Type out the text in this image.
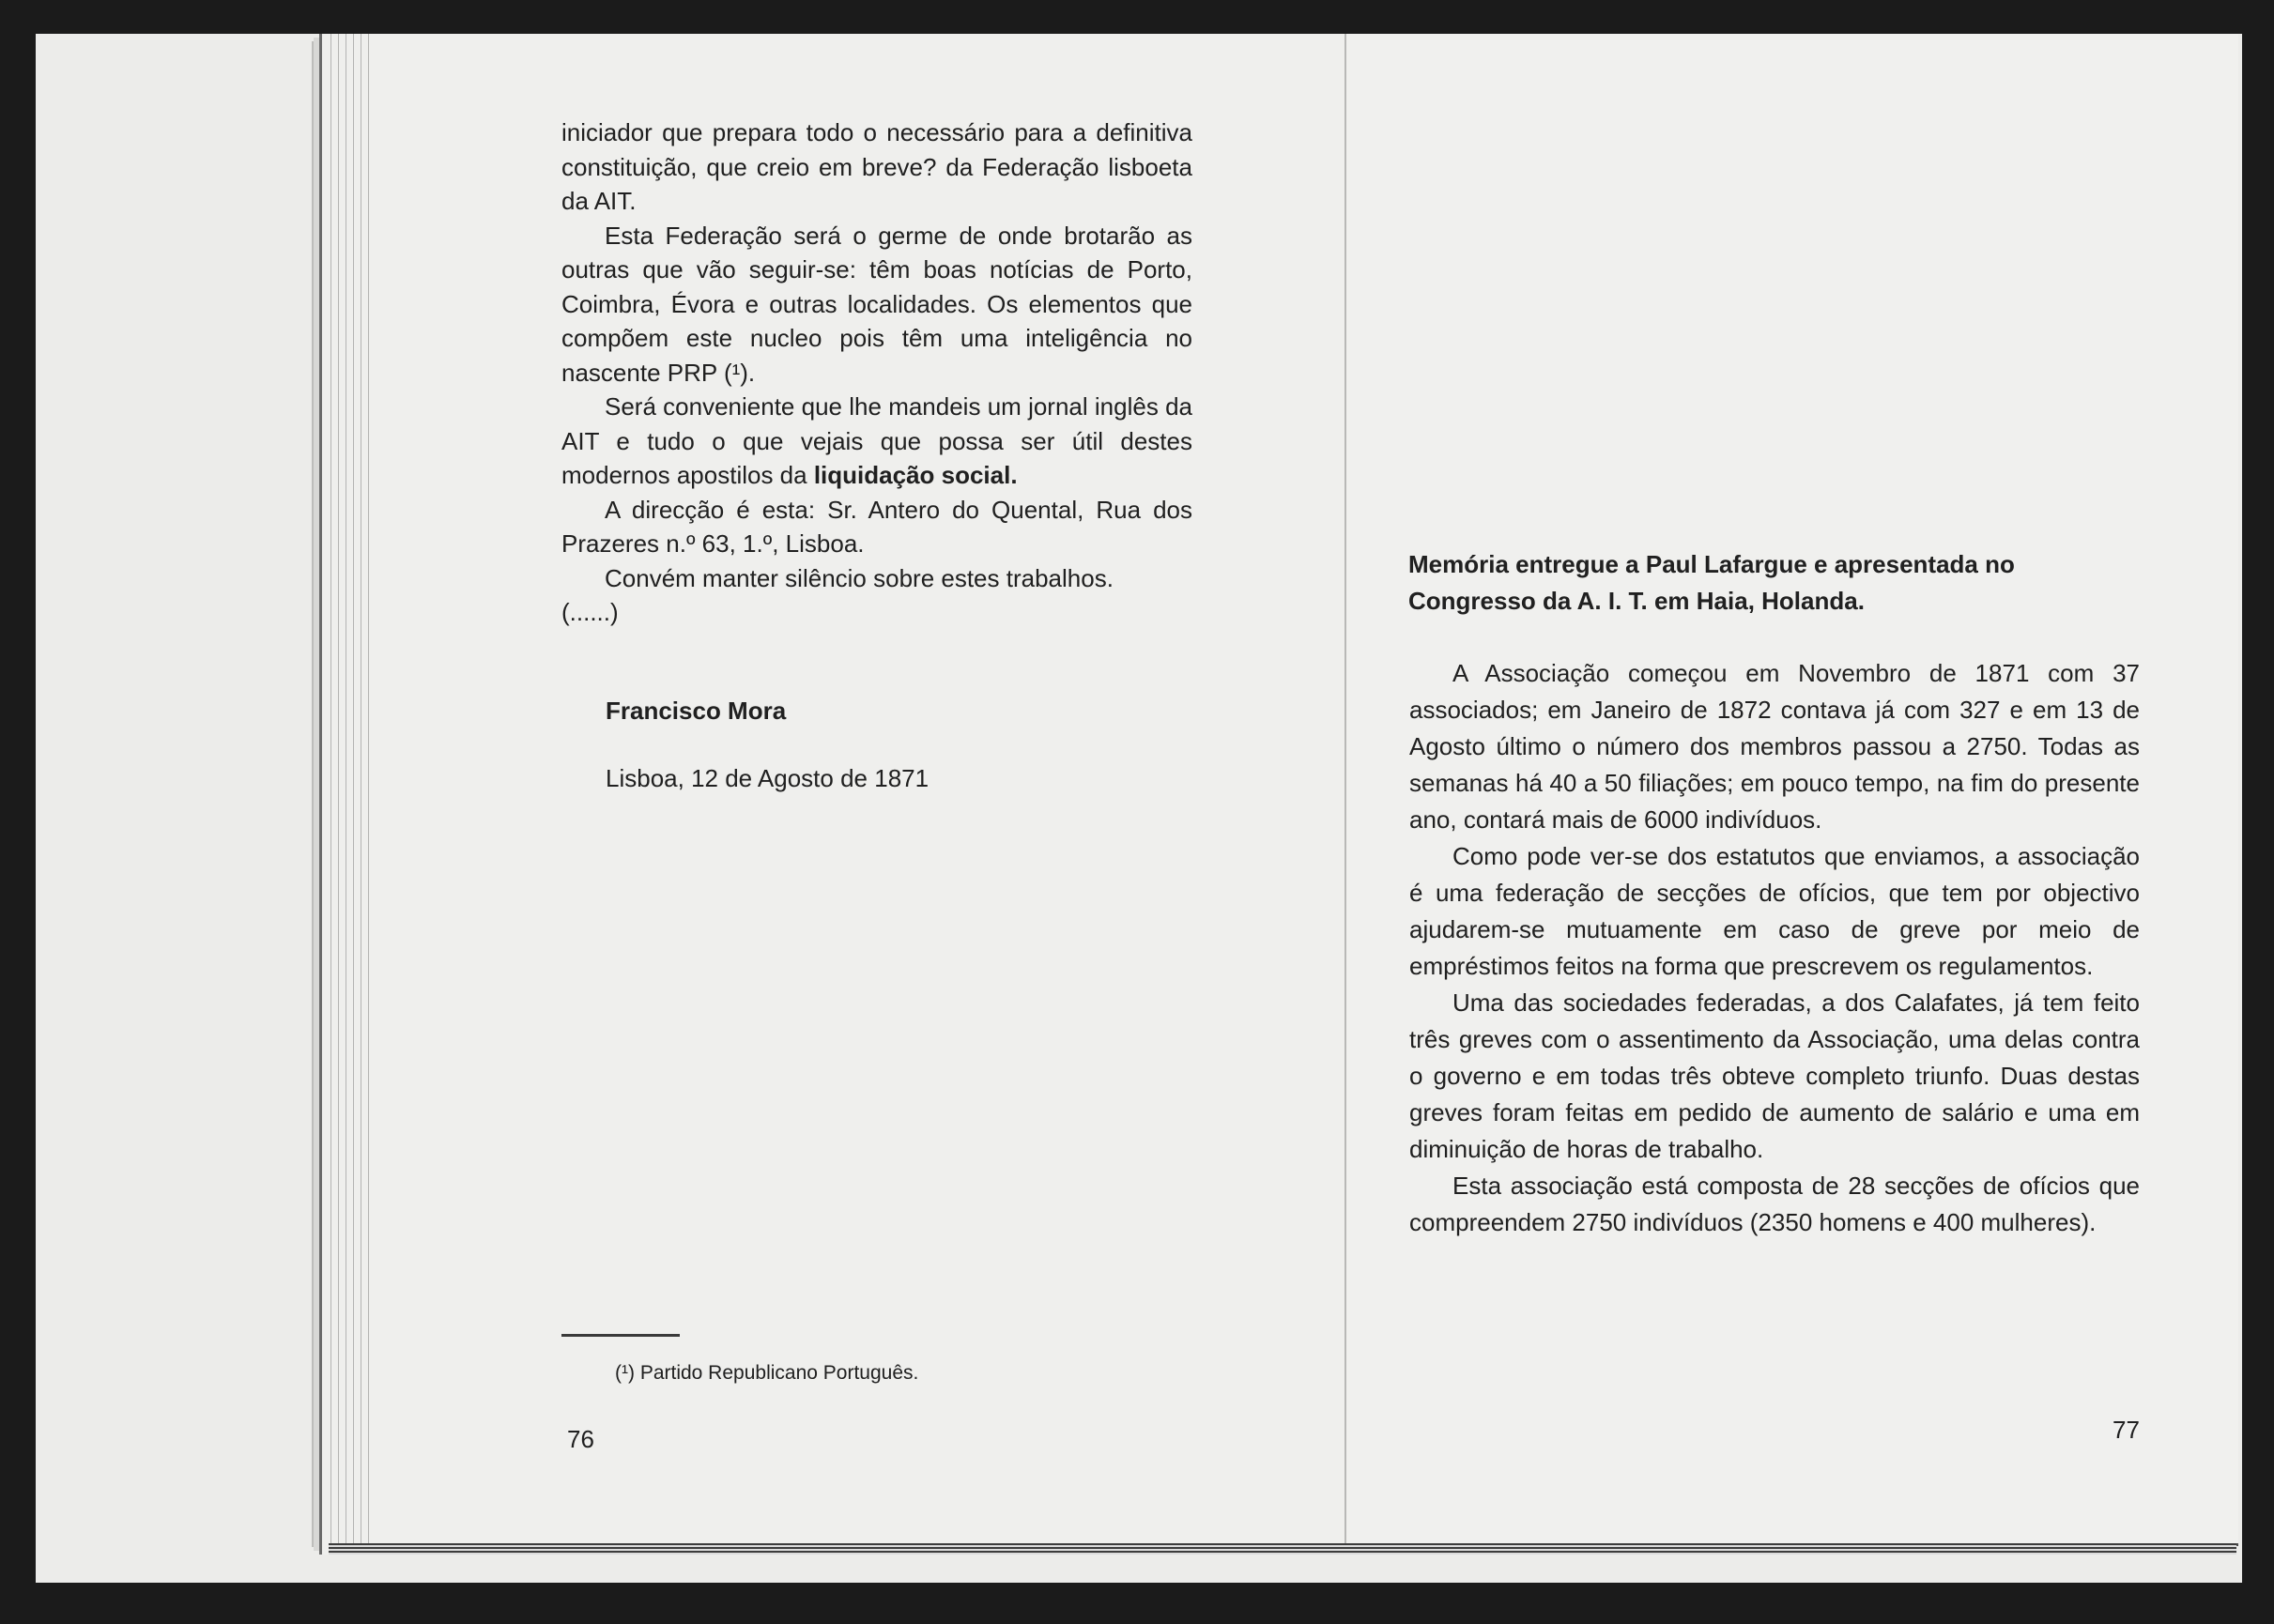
iniciador que prepara todo o necessário para a definitiva constituição, que creio em breve? da Federação lisboeta da AIT.

Esta Federação será o germe de onde brotarão as outras que vão seguir-se: têm boas notícias de Porto, Coimbra, Évora e outras localidades. Os elementos que compõem este nucleo pois têm uma inteligência no nascente PRP (¹).

Será conveniente que lhe mandeis um jornal inglês da AIT e tudo o que vejais que possa ser útil destes modernos apostilos da liquidação social.

A direcção é esta: Sr. Antero do Quental, Rua dos Prazeres n.º 63, 1.º, Lisboa.

Convém manter silêncio sobre estes trabalhos.

(......)

Francisco Mora
Lisboa, 12 de Agosto de 1871
(¹) Partido Republicano Português.
76
Memória entregue a Paul Lafargue e apresentada no Congresso da A. I. T. em Haia, Holanda.

A Associação começou em Novembro de 1871 com 37 associados; em Janeiro de 1872 contava já com 327 e em 13 de Agosto último o número dos membros passou a 2750. Todas as semanas há 40 a 50 filiações; em pouco tempo, na fim do presente ano, contará mais de 6000 indivíduos.

Como pode ver-se dos estatutos que enviamos, a associação é uma federação de secções de ofícios, que tem por objectivo ajudarem-se mutuamente em caso de greve por meio de empréstimos feitos na forma que prescrevem os regulamentos.

Uma das sociedades federadas, a dos Calafates, já tem feito três greves com o assentimento da Associação, uma delas contra o governo e em todas três obteve completo triunfo. Duas destas greves foram feitas em pedido de aumento de salário e uma em diminuição de horas de trabalho.

Esta associação está composta de 28 secções de ofícios que compreendem 2750 indivíduos (2350 homens e 400 mulheres).

77
